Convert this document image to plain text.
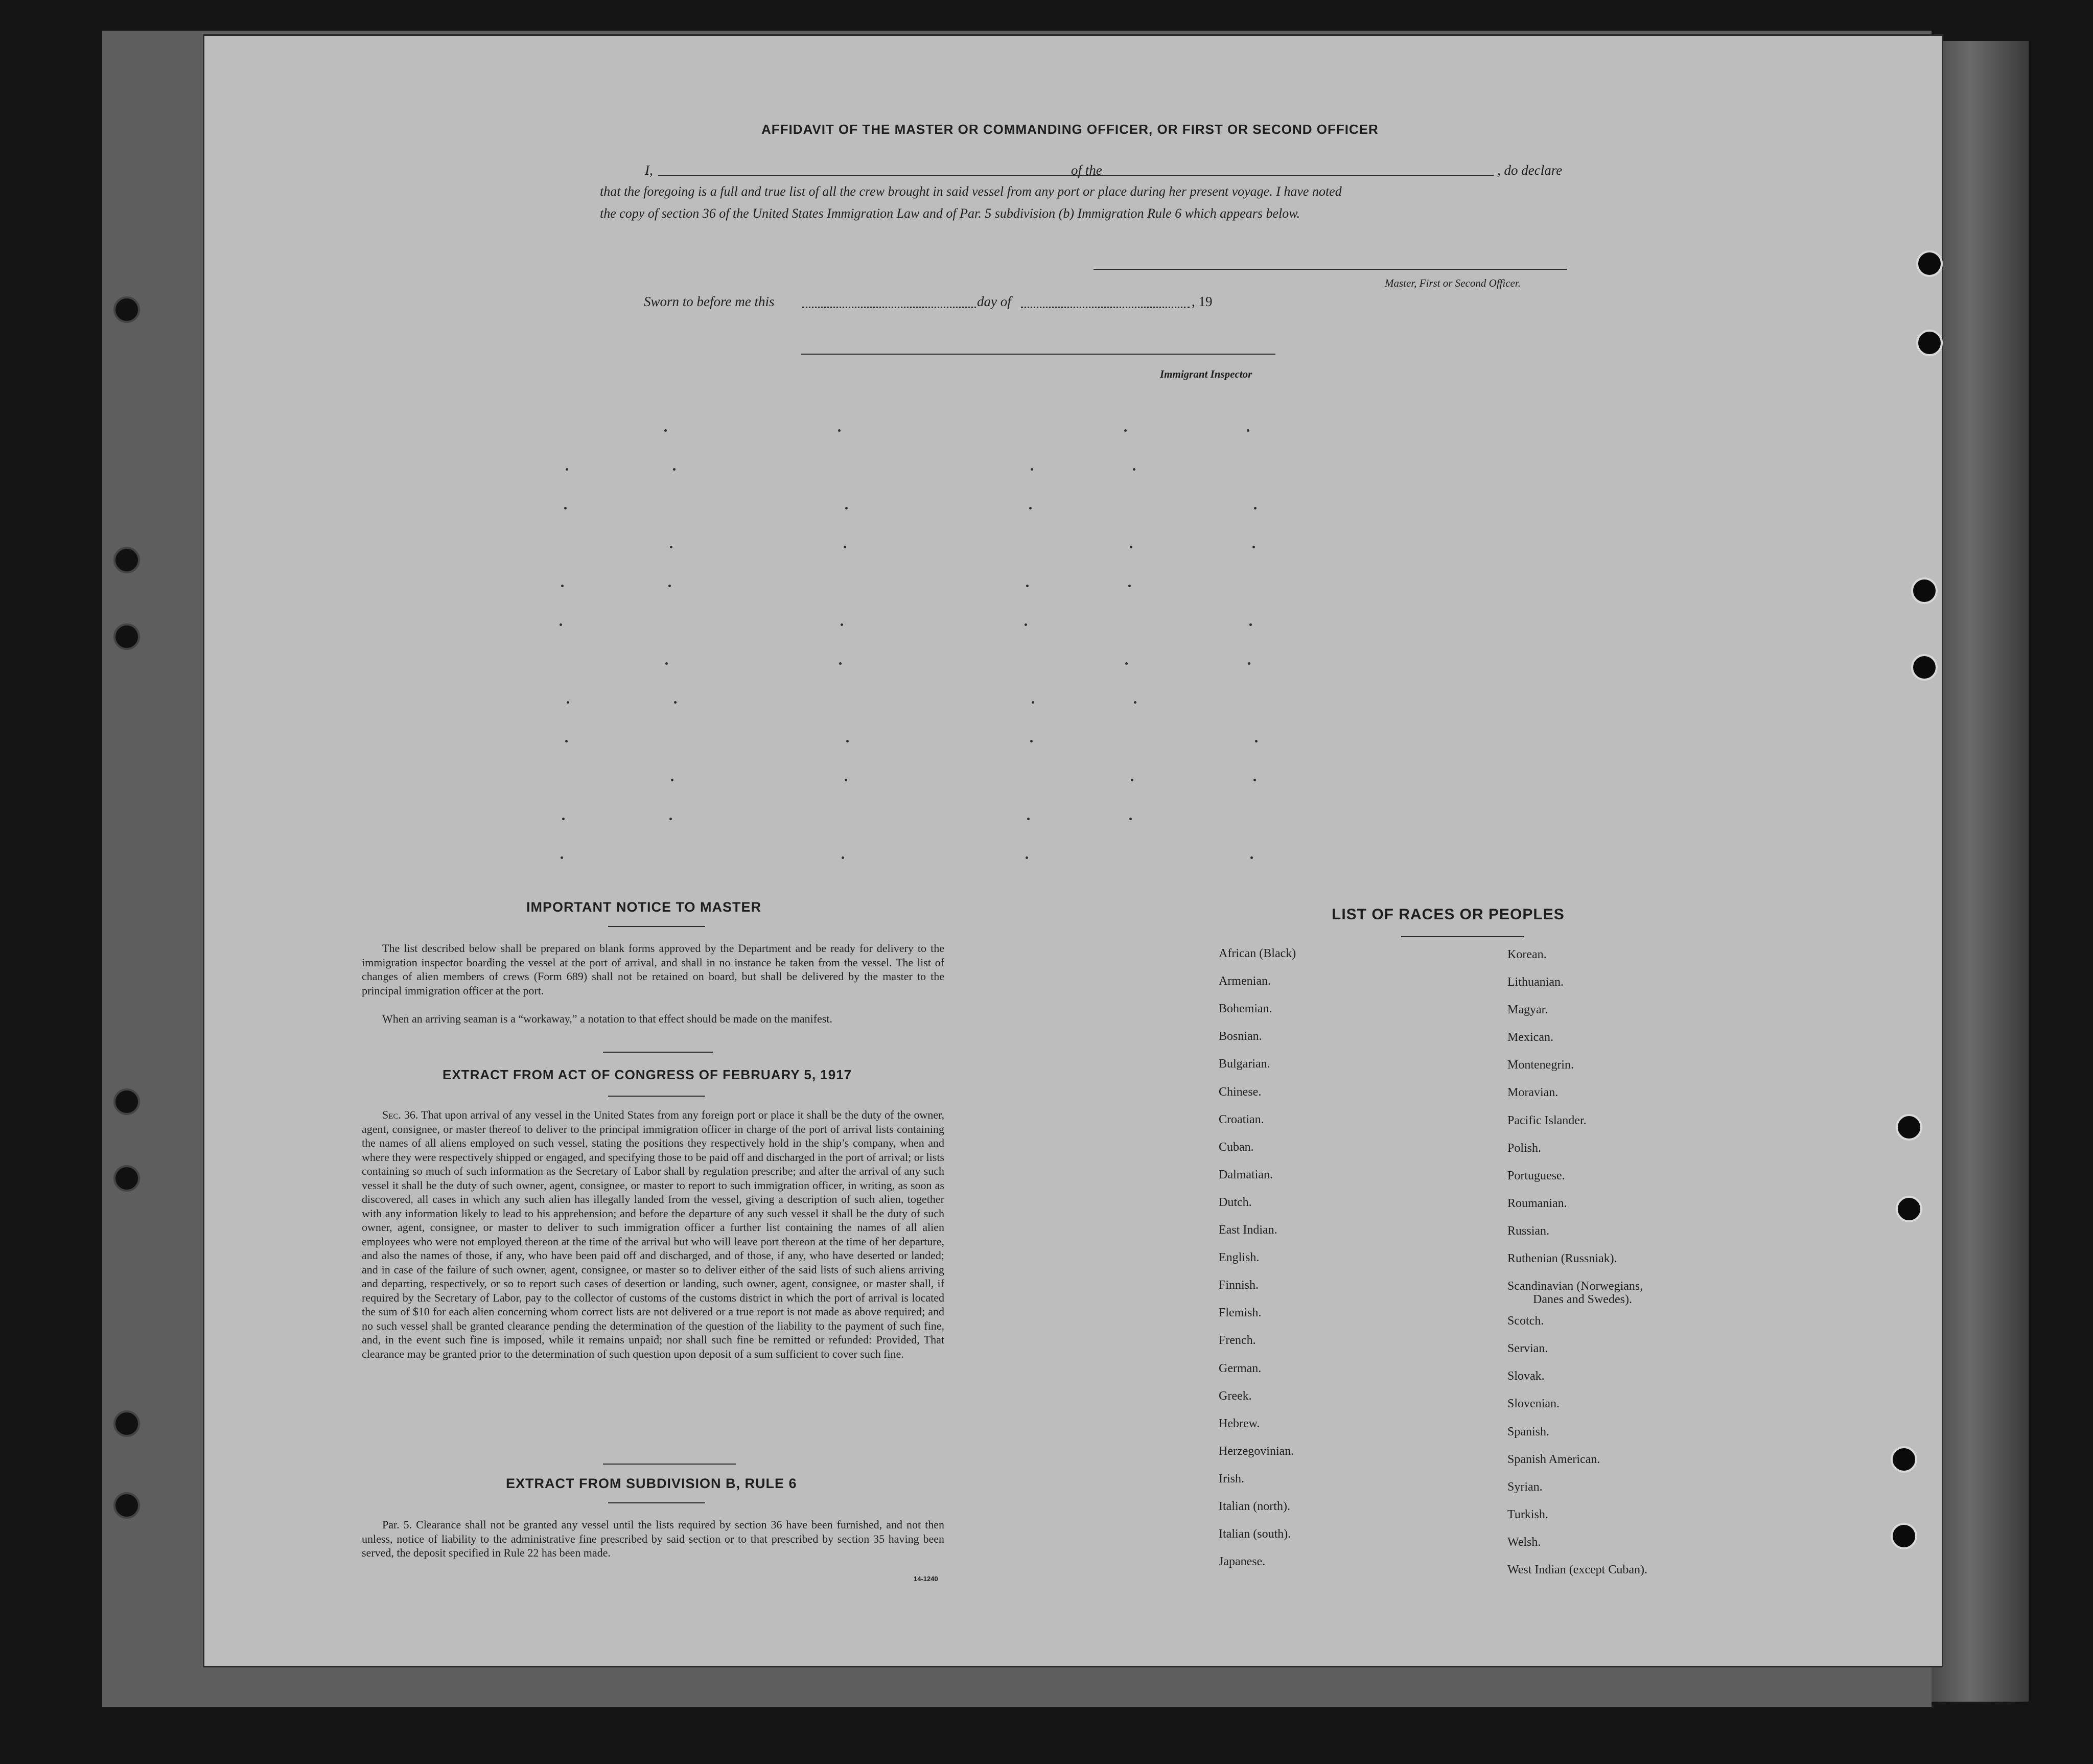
AFFIDAVIT OF THE MASTER OR COMMANDING OFFICER, OR FIRST OR SECOND OFFICER
I,	of the	, do declare
that the foregoing is a full and true list of all the crew brought in said vessel from any port or place during her present voyage. I have noted
the copy of section 36 of the United States Immigration Law and of Par. 5 subdivision (b) Immigration Rule 6 which appears below.
Master, First or Second Officer.
Sworn to before me this	day of	, 19
Immigrant Inspector
IMPORTANT NOTICE TO MASTER
The list described below shall be prepared on blank forms approved by the Department and be ready for delivery to the immigration inspector boarding the vessel at the port of arrival, and shall in no instance be taken from the vessel. The list of changes of alien members of crews (Form 689) shall not be retained on board, but shall be delivered by the master to the principal immigration officer at the port.
When an arriving seaman is a “workaway,” a notation to that effect should be made on the manifest.
EXTRACT FROM ACT OF CONGRESS OF FEBRUARY 5, 1917
Sec. 36. That upon arrival of any vessel in the United States from any foreign port or place it shall be the duty of the owner, agent, consignee, or master thereof to deliver to the principal immigration officer in charge of the port of arrival lists containing the names of all aliens employed on such vessel, stating the positions they respectively hold in the ship’s company, when and where they were respectively shipped or engaged, and specifying those to be paid off and discharged in the port of arrival; or lists containing so much of such information as the Secretary of Labor shall by regulation prescribe; and after the arrival of any such vessel it shall be the duty of such owner, agent, consignee, or master to report to such immigration officer, in writing, as soon as discovered, all cases in which any such alien has illegally landed from the vessel, giving a description of such alien, together with any information likely to lead to his apprehension; and before the departure of any such vessel it shall be the duty of such owner, agent, consignee, or master to deliver to such immigration officer a further list containing the names of all alien employees who were not employed thereon at the time of the arrival but who will leave port thereon at the time of her departure, and also the names of those, if any, who have been paid off and discharged, and of those, if any, who have deserted or landed; and in case of the failure of such owner, agent, consignee, or master so to deliver either of the said lists of such aliens arriving and departing, respectively, or so to report such cases of desertion or landing, such owner, agent, consignee, or master shall, if required by the Secretary of Labor, pay to the collector of customs of the customs district in which the port of arrival is located the sum of $10 for each alien concerning whom correct lists are not delivered or a true report is not made as above required; and no such vessel shall be granted clearance pending the determination of the question of the liability to the payment of such fine, and, in the event such fine is imposed, while it remains unpaid; nor shall such fine be remitted or refunded: Provided, That clearance may be granted prior to the determination of such question upon deposit of a sum sufficient to cover such fine.
EXTRACT FROM SUBDIVISION B, RULE 6
Par. 5. Clearance shall not be granted any vessel until the lists required by section 36 have been furnished, and not then unless, notice of liability to the administrative fine prescribed by said section or to that prescribed by section 35 having been served, the deposit specified in Rule 22 has been made.
14-1240
LIST OF RACES OR PEOPLES
African (Black)
Armenian.
Bohemian.
Bosnian.
Bulgarian.
Chinese.
Croatian.
Cuban.
Dalmatian.
Dutch.
East Indian.
English.
Finnish.
Flemish.
French.
German.
Greek.
Hebrew.
Herzegovinian.
Irish.
Italian (north).
Italian (south).
Japanese.
Korean.
Lithuanian.
Magyar.
Mexican.
Montenegrin.
Moravian.
Pacific Islander.
Polish.
Portuguese.
Roumanian.
Russian.
Ruthenian (Russniak).
Scandinavian (Norwegians,
Danes and Swedes).
Scotch.
Servian.
Slovak.
Slovenian.
Spanish.
Spanish American.
Syrian.
Turkish.
Welsh.
West Indian (except Cuban).
